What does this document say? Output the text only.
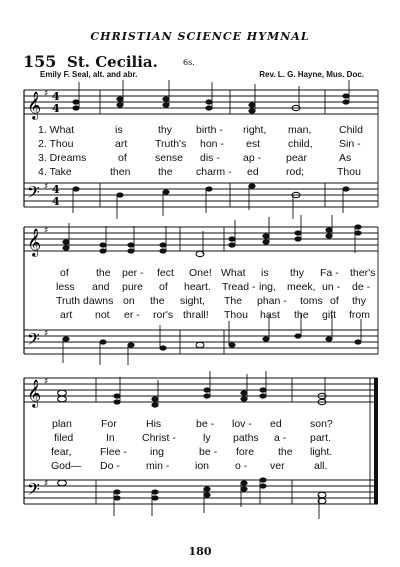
CHRISTIAN SCIENCE HYMNAL
155 St. Cecilia.	6s.
Emily F. Seal, alt. and abr.	Rev. L. G. Hayne, Mus. Doc.
𝄞
𝄢
♯
♯
4
4
4
4
1. What	is	thy birth - right, man,	Child
2. Thou	art	Truth's hon - est	child,	Sin -
3. Dreams	of	sense dis - ap - pear	As
4. Take	then	the charm - ed	rod;	Thou
𝄞
𝄢
♯
♯
of	the per - fect One! What is thy Fa - ther's
less and pure of heart. Tread - ing, meek, un - de -
Truth dawns on the sight, The phan - toms of thy
art not er - ror's thrall! Thou hast the gift from
𝄞
𝄢
♯
♯
plan	For	His	be - lov - ed	son?
filed	In	Christ -	ly paths a - part.
fear,	Flee - ing	be - fore the light.
God— Do - min - ion o - ver	all.
180
